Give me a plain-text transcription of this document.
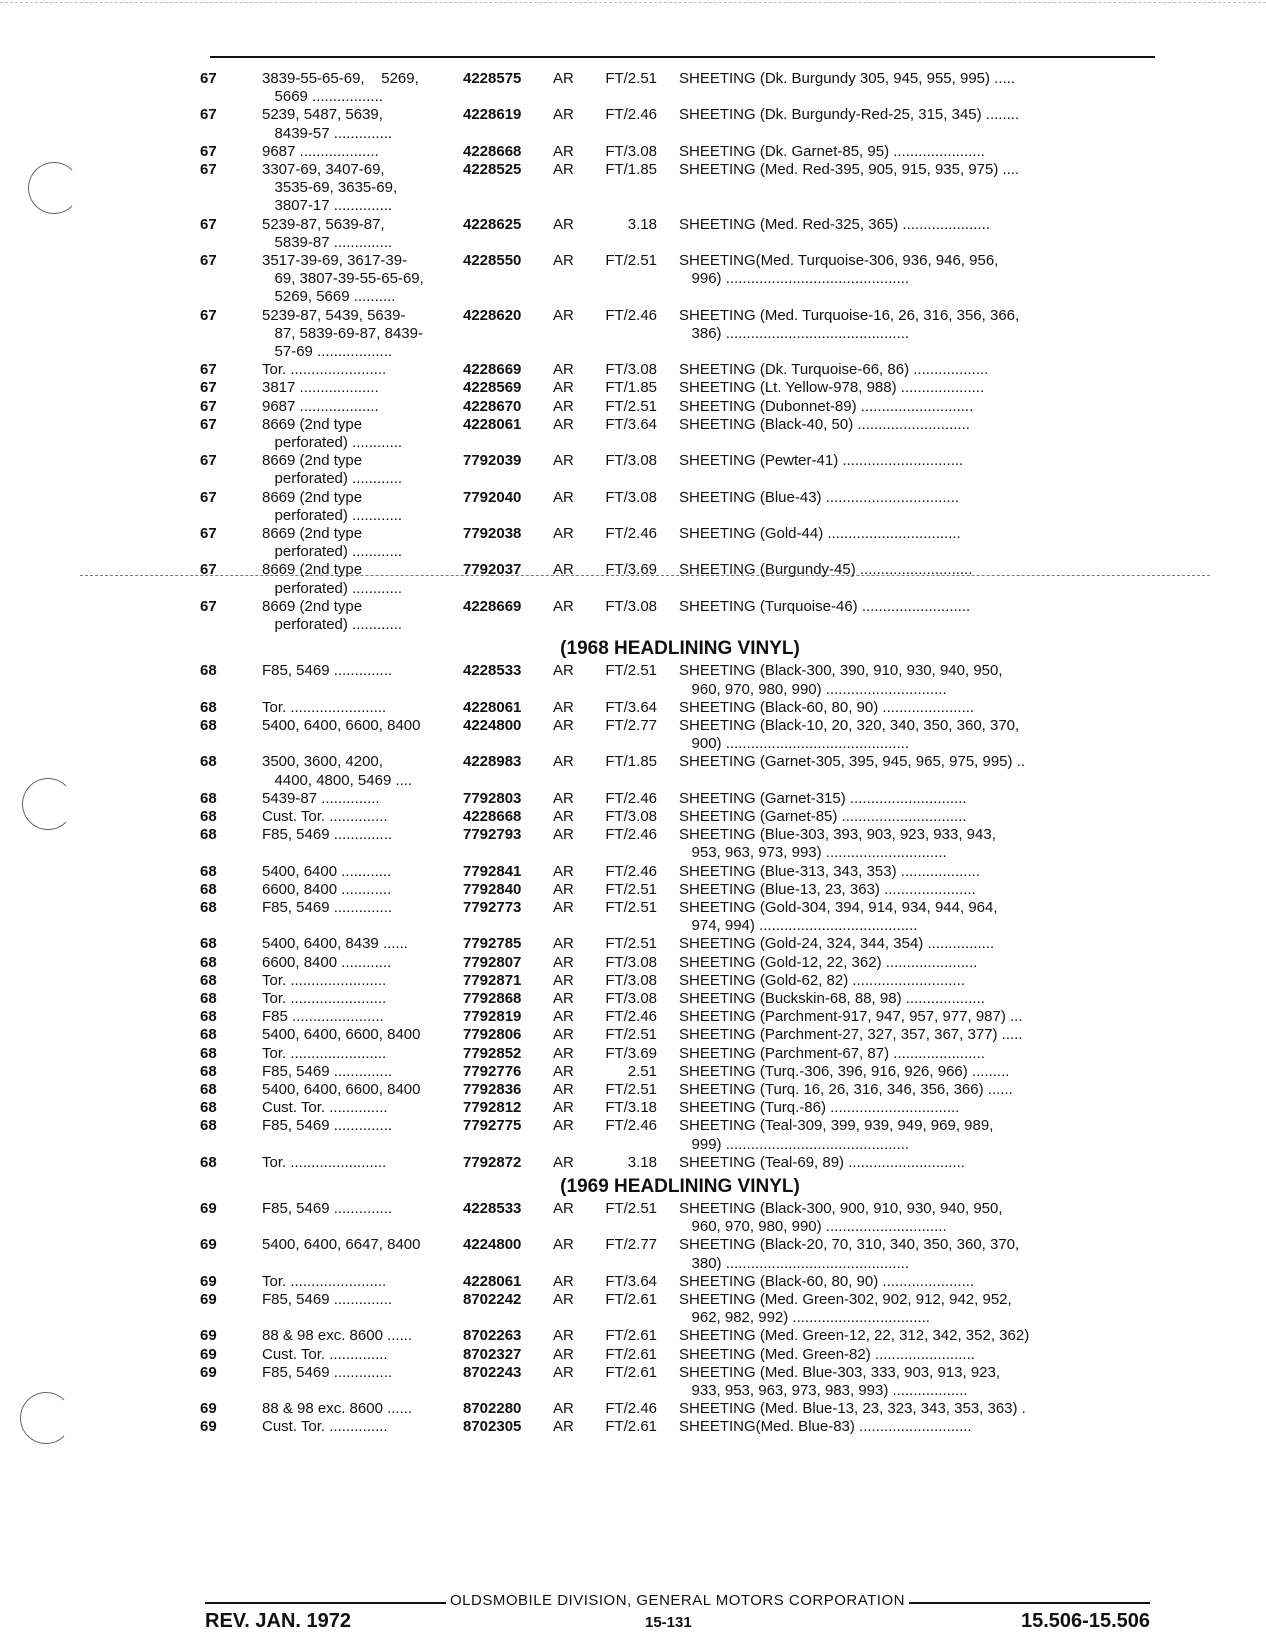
67	3839-55-65-69,    5269,
5669 .................
4228575	AR	FT/2.51	SHEETING (Dk. Burgundy 305, 945, 955, 995) .....
67	5239, 5487, 5639,
8439-57 ..............
4228619	AR	FT/2.46	SHEETING (Dk. Burgundy-Red-25, 315, 345) ........
67	9687 ...................	4228668	AR	FT/3.08	SHEETING (Dk. Garnet-85, 95) ......................
67	3307-69, 3407-69,
3535-69, 3635-69,
3807-17 ..............
4228525	AR	FT/1.85	SHEETING (Med. Red-395, 905, 915, 935, 975) ....
67	5239-87, 5639-87,
5839-87 ..............
4228625	AR	3.18	SHEETING (Med. Red-325, 365) .....................
67	3517-39-69, 3617-39-
69, 3807-39-55-65-69,
5269, 5669 ..........
4228550	AR	FT/2.51	SHEETING(Med. Turquoise-306, 936, 946, 956,
996) ............................................
67	5239-87, 5439, 5639-
87, 5839-69-87, 8439-
57-69 ..................
4228620	AR	FT/2.46	SHEETING (Med. Turquoise-16, 26, 316, 356, 366,
386) ............................................
67	Tor. .......................	4228669	AR	FT/3.08	SHEETING (Dk. Turquoise-66, 86) ..................
67	3817 ...................	4228569	AR	FT/1.85	SHEETING (Lt. Yellow-978, 988) ....................
67	9687 ...................	4228670	AR	FT/2.51	SHEETING (Dubonnet-89) ...........................
67	8669 (2nd type
perforated) ............
4228061	AR	FT/3.64	SHEETING (Black-40, 50) ...........................
67	8669 (2nd type
perforated) ............
7792039	AR	FT/3.08	SHEETING (Pewter-41) .............................
67	8669 (2nd type
perforated) ............
7792040	AR	FT/3.08	SHEETING (Blue-43) ................................
67	8669 (2nd type
perforated) ............
7792038	AR	FT/2.46	SHEETING (Gold-44) ................................
67	8669 (2nd type
perforated) ............
7792037	AR	FT/3.69	SHEETING (Burgundy-45) ...........................
67	8669 (2nd type
perforated) ............
4228669	AR	FT/3.08	SHEETING (Turquoise-46) ..........................
(1968 HEADLINING VINYL)
68	F85, 5469 ..............	4228533	AR	FT/2.51	SHEETING (Black-300, 390, 910, 930, 940, 950,
960, 970, 980, 990) .............................
68	Tor. .......................	4228061	AR	FT/3.64	SHEETING (Black-60, 80, 90) ......................
68	5400, 6400, 6600, 8400	4224800	AR	FT/2.77	SHEETING (Black-10, 20, 320, 340, 350, 360, 370,
900) ............................................
68	3500, 3600, 4200,
4400, 4800, 5469 ....
4228983	AR	FT/1.85	SHEETING (Garnet-305, 395, 945, 965, 975, 995) ..
68	5439-87 ..............	7792803	AR	FT/2.46	SHEETING (Garnet-315) ............................
68	Cust. Tor. ..............	4228668	AR	FT/3.08	SHEETING (Garnet-85) ..............................
68	F85, 5469 ..............	7792793	AR	FT/2.46	SHEETING (Blue-303, 393, 903, 923, 933, 943,
953, 963, 973, 993) .............................
68	5400, 6400 ............	7792841	AR	FT/2.46	SHEETING (Blue-313, 343, 353) ...................
68	6600, 8400 ............	7792840	AR	FT/2.51	SHEETING (Blue-13, 23, 363) ......................
68	F85, 5469 ..............	7792773	AR	FT/2.51	SHEETING (Gold-304, 394, 914, 934, 944, 964,
974, 994) ......................................
68	5400, 6400, 8439 ......	7792785	AR	FT/2.51	SHEETING (Gold-24, 324, 344, 354) ................
68	6600, 8400 ............	7792807	AR	FT/3.08	SHEETING (Gold-12, 22, 362) ......................
68	Tor. .......................	7792871	AR	FT/3.08	SHEETING (Gold-62, 82) ...........................
68	Tor. .......................	7792868	AR	FT/3.08	SHEETING (Buckskin-68, 88, 98) ...................
68	F85 ......................	7792819	AR	FT/2.46	SHEETING (Parchment-917, 947, 957, 977, 987) ...
68	5400, 6400, 6600, 8400	7792806	AR	FT/2.51	SHEETING (Parchment-27, 327, 357, 367, 377) .....
68	Tor. .......................	7792852	AR	FT/3.69	SHEETING (Parchment-67, 87) ......................
68	F85, 5469 ..............	7792776	AR	2.51	SHEETING (Turq.-306, 396, 916, 926, 966) .........
68	5400, 6400, 6600, 8400	7792836	AR	FT/2.51	SHEETING (Turq. 16, 26, 316, 346, 356, 366) ......
68	Cust. Tor. ..............	7792812	AR	FT/3.18	SHEETING (Turq.-86) ...............................
68	F85, 5469 ..............	7792775	AR	FT/2.46	SHEETING (Teal-309, 399, 939, 949, 969, 989,
999) ............................................
68	Tor. .......................	7792872	AR	3.18	SHEETING (Teal-69, 89) ............................
(1969 HEADLINING VINYL)
69	F85, 5469 ..............	4228533	AR	FT/2.51	SHEETING (Black-300, 900, 910, 930, 940, 950,
960, 970, 980, 990) .............................
69	5400, 6400, 6647, 8400	4224800	AR	FT/2.77	SHEETING (Black-20, 70, 310, 340, 350, 360, 370,
380) ............................................
69	Tor. .......................	4228061	AR	FT/3.64	SHEETING (Black-60, 80, 90) ......................
69	F85, 5469 ..............	8702242	AR	FT/2.61	SHEETING (Med. Green-302, 902, 912, 942, 952,
962, 982, 992) .................................
69	88 & 98 exc. 8600 ......	8702263	AR	FT/2.61	SHEETING (Med. Green-12, 22, 312, 342, 352, 362)
69	Cust. Tor. ..............	8702327	AR	FT/2.61	SHEETING (Med. Green-82) ........................
69	F85, 5469 ..............	8702243	AR	FT/2.61	SHEETING (Med. Blue-303, 333, 903, 913, 923,
933, 953, 963, 973, 983, 993) ..................
69	88 & 98 exc. 8600 ......	8702280	AR	FT/2.46	SHEETING (Med. Blue-13, 23, 323, 343, 353, 363) .
69	Cust. Tor. ..............	8702305	AR	FT/2.61	SHEETING(Med. Blue-83) ...........................
OLDSMOBILE DIVISION, GENERAL MOTORS CORPORATION
REV. JAN. 1972	15-131	15.506-15.506
